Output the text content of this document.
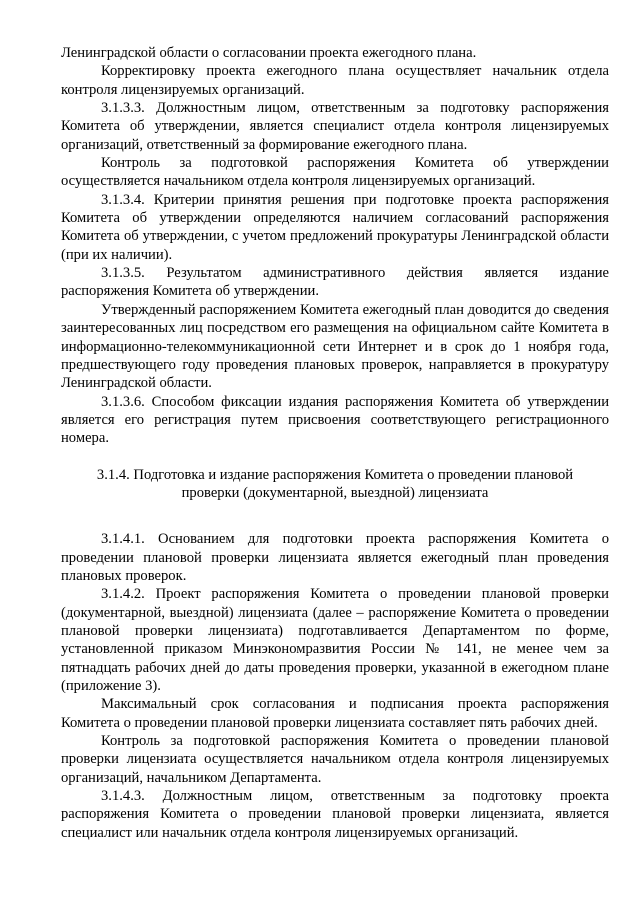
Ленинградской области о согласовании проекта ежегодного плана.

Корректировку проекта ежегодного плана осуществляет начальник отдела контроля лицензируемых организаций.

3.1.3.3. Должностным лицом, ответственным за подготовку распоряжения Комитета об утверждении, является специалист отдела контроля лицензируемых организаций, ответственный за формирование ежегодного плана.

Контроль за подготовкой распоряжения Комитета об утверждении осуществляется начальником отдела контроля лицензируемых организаций.

3.1.3.4. Критерии принятия решения при подготовке проекта распоряжения Комитета об утверждении определяются наличием согласований распоряжения Комитета об утверждении, с учетом предложений прокуратуры Ленинградской области (при их наличии).

3.1.3.5. Результатом административного действия является издание распоряжения Комитета об утверждении.

Утвержденный распоряжением Комитета ежегодный план доводится до сведения заинтересованных лиц посредством его размещения на официальном сайте Комитета в информационно-телекоммуникационной сети Интернет и в срок до 1 ноября года, предшествующего году проведения плановых проверок, направляется в прокуратуру Ленинградской области.

3.1.3.6. Способом фиксации издания распоряжения Комитета об утверждении является его регистрация путем присвоения соответствующего регистрационного номера.

3.1.4. Подготовка и издание распоряжения Комитета о проведении плановой проверки (документарной, выездной) лицензиата

3.1.4.1. Основанием для подготовки проекта распоряжения Комитета о проведении плановой проверки лицензиата является ежегодный план проведения плановых проверок.

3.1.4.2. Проект распоряжения Комитета о проведении плановой проверки (документарной, выездной) лицензиата (далее – распоряжение Комитета о проведении плановой проверки лицензиата) подготавливается Департаментом по форме, установленной приказом Минэкономразвития России № 141, не менее чем за пятнадцать рабочих дней до даты проведения проверки, указанной в ежегодном плане (приложение 3).

Максимальный срок согласования и подписания проекта распоряжения Комитета о проведении плановой проверки лицензиата составляет пять рабочих дней.

Контроль за подготовкой распоряжения Комитета о проведении плановой проверки лицензиата осуществляется начальником отдела контроля лицензируемых организаций, начальником Департамента.

3.1.4.3. Должностным лицом, ответственным за подготовку проекта распоряжения Комитета о проведении плановой проверки лицензиата, является специалист или начальник отдела контроля лицензируемых организаций.
